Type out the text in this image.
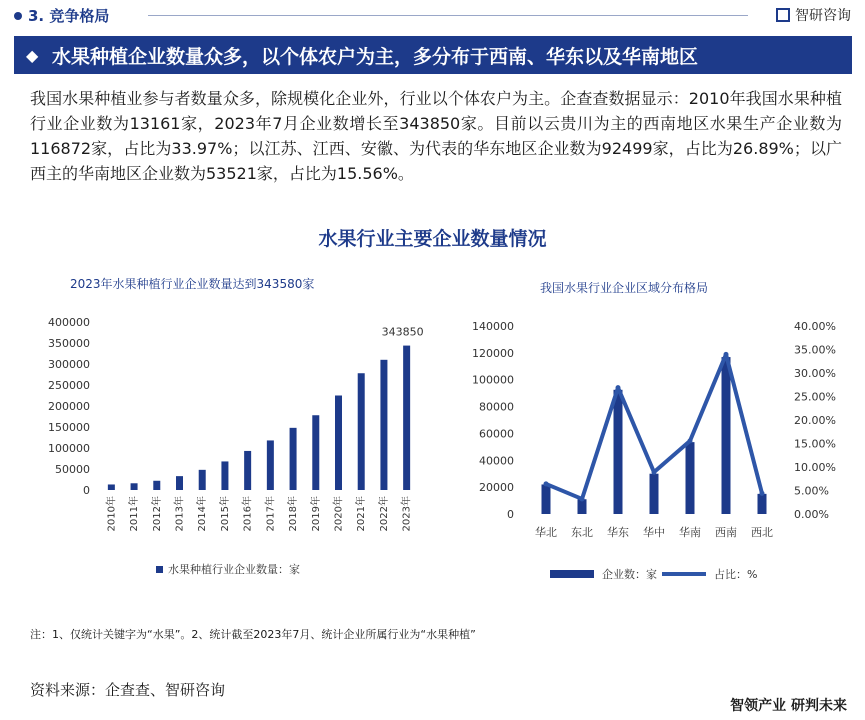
3. 竞争格局	智研咨询
◆ 水果种植企业数量众多，以个体农户为主，多分布于西南、华东以及华南地区
我国水果种植业参与者数量众多，除规模化企业外，行业以个体农户为主。企查查数据显示：2010年我国水果种植行业企业数为13161家，2023年7月企业数增长至343850家。目前以云贵川为主的西南地区水果生产企业数为116872家，占比为33.97%；以江苏、江西、安徽、为代表的华东地区企业数为92499家，占比为26.89%；以广西主的华南地区企业数为53521家，占比为15.56%。
水果行业主要企业数量情况
2023年水果种植行业企业数量达到343580家
0
50000
100000
150000
200000
250000
300000
350000
400000
2010年 2011年 2012年 2013年 2014年 2015年 2016年 2017年 2018年 2019年 2020年 2021年 2022年 2023年
343850
水果种植行业企业数量：家
我国水果行业企业区域分布格局
0
20000
40000
60000
80000
100000
120000
140000
0.00%
5.00%
10.00%
15.00%
20.00%
25.00%
30.00%
35.00%
40.00%
华北 东北 华东 华中 华南 西南 西北
企业数：家	占比：%
注：1、仅统计关键字为“水果”。2、统计截至2023年7月、统计企业所属行业为“水果种植”
资料来源：企查查、智研咨询
智领产业 研判未来
